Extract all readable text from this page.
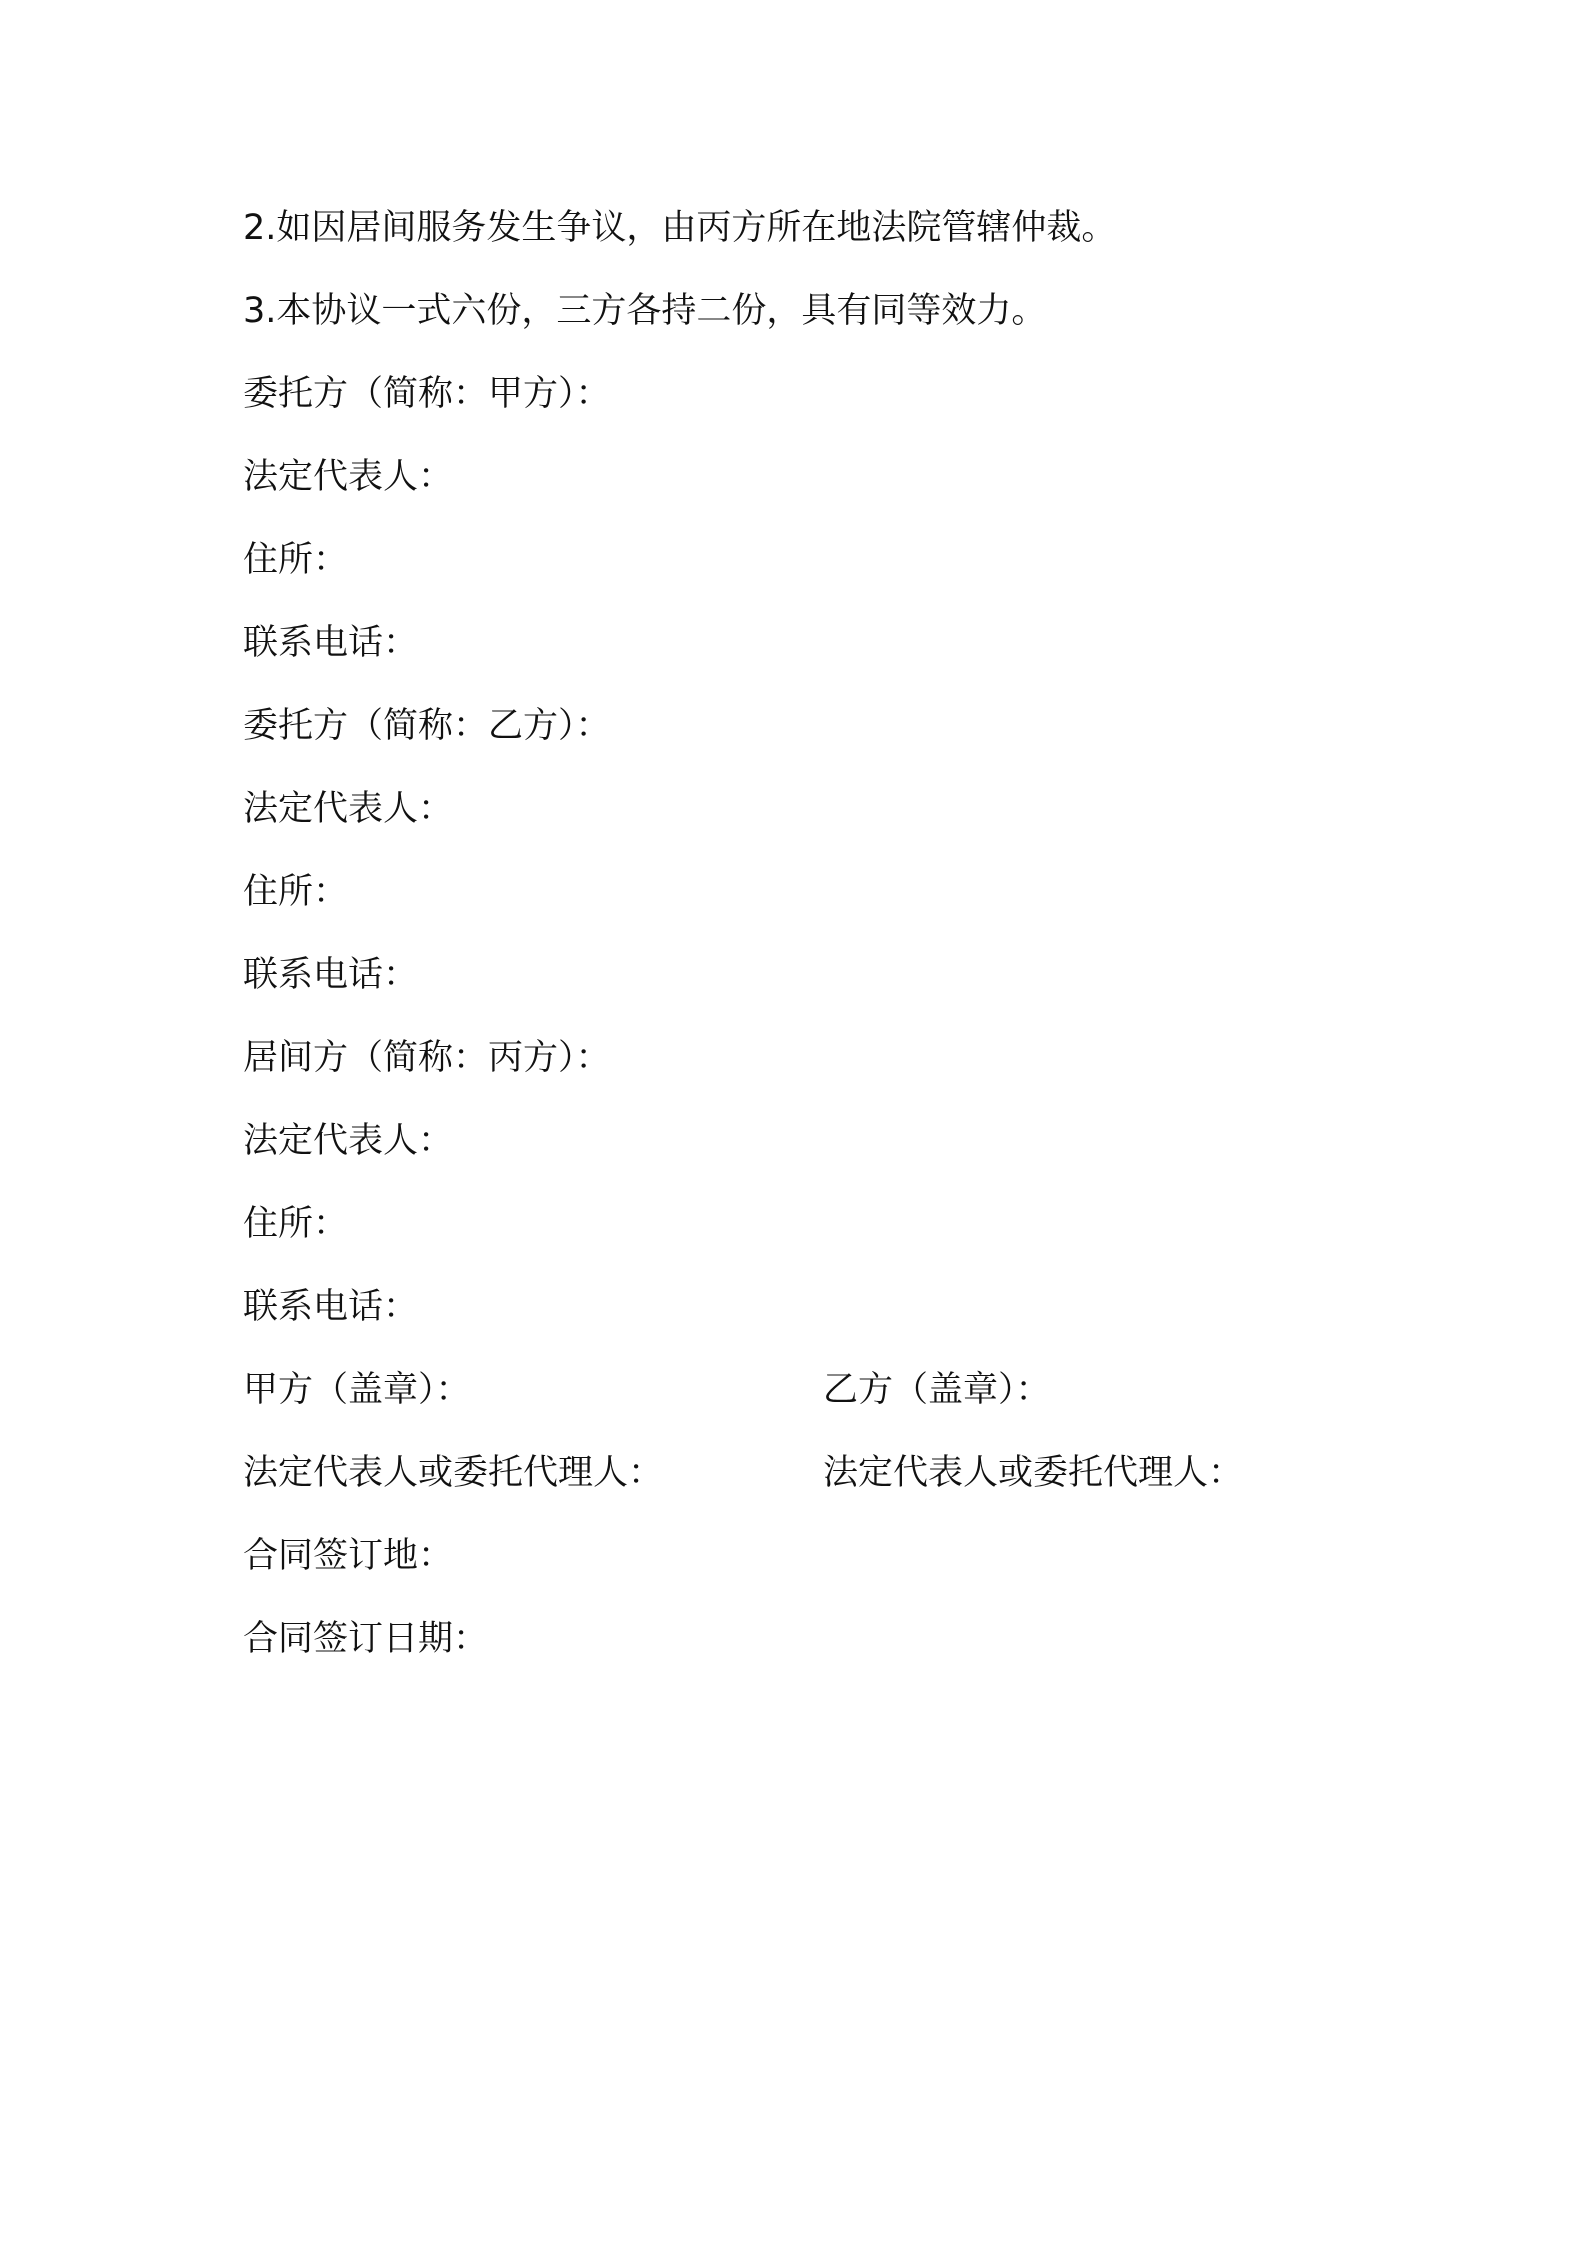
2.如因居间服务发生争议，由丙方所在地法院管辖仲裁。
3.本协议一式六份，三方各持二份，具有同等效力。
委托方（简称：甲方）：
法定代表人：
住所：
联系电话：
委托方（简称：乙方）：
法定代表人：
住所：
联系电话：
居间方（简称：丙方）：
法定代表人：
住所：
联系电话：
甲方（盖章）：	乙方（盖章）：
法定代表人或委托代理人：	法定代表人或委托代理人：
合同签订地：
合同签订日期：
